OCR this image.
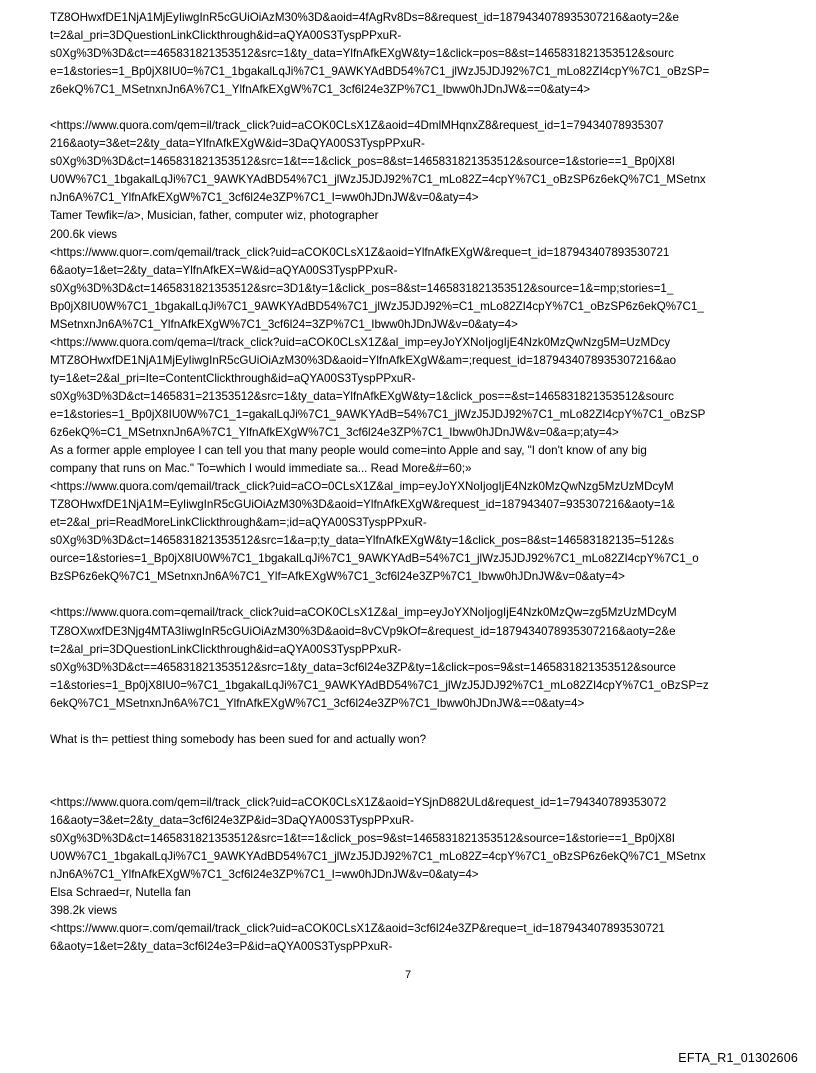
TZ8OHwxfDE1NjA1MjEyIiwgInR5cGUiOiAzM30%3D&aoid=4fAgRv8Ds=8&request_id=1879434078935307216&aoty=2&e
t=2&al_pri=3DQuestionLinkClickthrough&id=aQYA00S3TyspPPxuR-
s0Xg%3D%3D&ct==465831821353512&src=1&ty_data=YlfnAfkEXgW&ty=1&click=pos=8&st=1465831821353512&sourc
e=1&stories=1_Bp0jX8IU0=%7C1_1bgakalLqJi%7C1_9AWKYAdBD54%7C1_jlWzJ5JDJ92%7C1_mLo82ZI4cpY%7C1_oBzSP=
z6ekQ%7C1_MSetnxnJn6A%7C1_YlfnAfkEXgW%7C1_3cf6l24e3ZP%7C1_Ibww0hJDnJW&==0&aty=4>
<https://www.quora.com/qem=il/track_click?uid=aCOK0CLsX1Z&aoid=4DmlMHqnxZ8&request_id=1=79434078935307
216&aoty=3&et=2&ty_data=YlfnAfkEXgW&id=3DaQYA00S3TyspPPxuR-
s0Xg%3D%3D&ct=1465831821353512&src=1&t==1&click_pos=8&st=1465831821353512&source=1&storie==1_Bp0jX8I
U0W%7C1_1bgakalLqJi%7C1_9AWKYAdBD54%7C1_jlWzJ5JDJ92%7C1_mLo82Z=4cpY%7C1_oBzSP6z6ekQ%7C1_MSetnx
nJn6A%7C1_YlfnAfkEXgW%7C1_3cf6l24e3ZP%7C1_I=ww0hJDnJW&v=0&aty=4>
Tamer Tewfik=/a>, Musician, father, computer wiz, photographer
200.6k views
<https://www.quor=.com/qemail/track_click?uid=aCOK0CLsX1Z&aoid=YlfnAfkEXgW&reque=t_id=187943407893530721
6&aoty=1&et=2&ty_data=YlfnAfkEX=W&id=aQYA00S3TyspPPxuR-
s0Xg%3D%3D&ct=1465831821353512&src=3D1&ty=1&click_pos=8&st=1465831821353512&source=1&=mp;stories=1_
Bp0jX8IU0W%7C1_1bgakalLqJi%7C1_9AWKYAdBD54%7C1_jlWzJ5JDJ92%=C1_mLo82ZI4cpY%7C1_oBzSP6z6ekQ%7C1_
MSetnxnJn6A%7C1_YlfnAfkEXgW%7C1_3cf6l24=3ZP%7C1_Ibww0hJDnJW&v=0&aty=4>
<https://www.quora.com/qema=l/track_click?uid=aCOK0CLsX1Z&al_imp=eyJoYXNoIjogIjE4Nzk0MzQwNzg5M=UzMDcy
MTZ8OHwxfDE1NjA1MjEyIiwgInR5cGUiOiAzM30%3D&aoid=YlfnAfkEXgW&am=;request_id=1879434078935307216&ao
ty=1&et=2&al_pri=Ite=ContentClickthrough&id=aQYA00S3TyspPPxuR-
s0Xg%3D%3D&ct=1465831=21353512&src=1&ty_data=YlfnAfkEXgW&ty=1&click_pos==&st=1465831821353512&sourc
e=1&stories=1_Bp0jX8IU0W%7C1_1=gakalLqJi%7C1_9AWKYAdB=54%7C1_jlWzJ5JDJ92%7C1_mLo82ZI4cpY%7C1_oBzSP
6z6ekQ%=C1_MSetnxnJn6A%7C1_YlfnAfkEXgW%7C1_3cf6l24e3ZP%7C1_Ibww0hJDnJW&v=0&a=p;aty=4>
As a former apple employee I can tell you that many people would come=into Apple and say, "I don't know of any big
company that runs on Mac." To=which I would immediate sa... Read More&#=60;»
<https://www.quora.com/qemail/track_click?uid=aCO=0CLsX1Z&al_imp=eyJoYXNoIjogIjE4Nzk0MzQwNzg5MzUzMDcyM
TZ8OHwxfDE1NjA1M=EyIiwgInR5cGUiOiAzM30%3D&aoid=YlfnAfkEXgW&request_id=187943407=935307216&aoty=1&
et=2&al_pri=ReadMoreLinkClickthrough&am=;id=aQYA00S3TyspPPxuR-
s0Xg%3D%3D&ct=1465831821353512&src=1&a=p;ty_data=YlfnAfkEXgW&ty=1&click_pos=8&st=146583182135=512&s
ource=1&stories=1_Bp0jX8IU0W%7C1_1bgakalLqJi%7C1_9AWKYAdB=54%7C1_jlWzJ5JDJ92%7C1_mLo82ZI4cpY%7C1_o
BzSP6z6ekQ%7C1_MSetnxnJn6A%7C1_Ylf=AfkEXgW%7C1_3cf6l24e3ZP%7C1_Ibww0hJDnJW&v=0&aty=4>
<https://www.quora.com=qemail/track_click?uid=aCOK0CLsX1Z&al_imp=eyJoYXNoIjogIjE4Nzk0MzQw=zg5MzUzMDcyM
TZ8OXwxfDE3Njg4MTA3IiwgInR5cGUiOiAzM30%3D&aoid=8vCVp9kOf=&request_id=1879434078935307216&aoty=2&e
t=2&al_pri=3DQuestionLinkClickthrough&id=aQYA00S3TyspPPxuR-
s0Xg%3D%3D&ct==465831821353512&src=1&ty_data=3cf6l24e3ZP&ty=1&click=pos=9&st=1465831821353512&source
=1&stories=1_Bp0jX8IU0=%7C1_1bgakalLqJi%7C1_9AWKYAdBD54%7C1_jlWzJ5JDJ92%7C1_mLo82ZI4cpY%7C1_oBzSP=z
6ekQ%7C1_MSetnxnJn6A%7C1_YlfnAfkEXgW%7C1_3cf6l24e3ZP%7C1_Ibww0hJDnJW&==0&aty=4>
What is th= pettiest thing somebody has been sued for and actually won?
<https://www.quora.com/qem=il/track_click?uid=aCOK0CLsX1Z&aoid=YSjnD882ULd&request_id=1=794340789353072
16&aoty=3&et=2&ty_data=3cf6l24e3ZP&id=3DaQYA00S3TyspPPxuR-
s0Xg%3D%3D&ct=1465831821353512&src=1&t==1&click_pos=9&st=1465831821353512&source=1&storie==1_Bp0jX8I
U0W%7C1_1bgakalLqJi%7C1_9AWKYAdBD54%7C1_jlWzJ5JDJ92%7C1_mLo82Z=4cpY%7C1_oBzSP6z6ekQ%7C1_MSetnx
nJn6A%7C1_YlfnAfkEXgW%7C1_3cf6l24e3ZP%7C1_I=ww0hJDnJW&v=0&aty=4>
Elsa Schraed=r, Nutella fan
398.2k views
<https://www.quor=.com/qemail/track_click?uid=aCOK0CLsX1Z&aoid=3cf6l24e3ZP&reque=t_id=187943407893530721
6&aoty=1&et=2&ty_data=3cf6l24e3=P&id=aQYA00S3TyspPPxuR-
7
EFTA_R1_01302606
